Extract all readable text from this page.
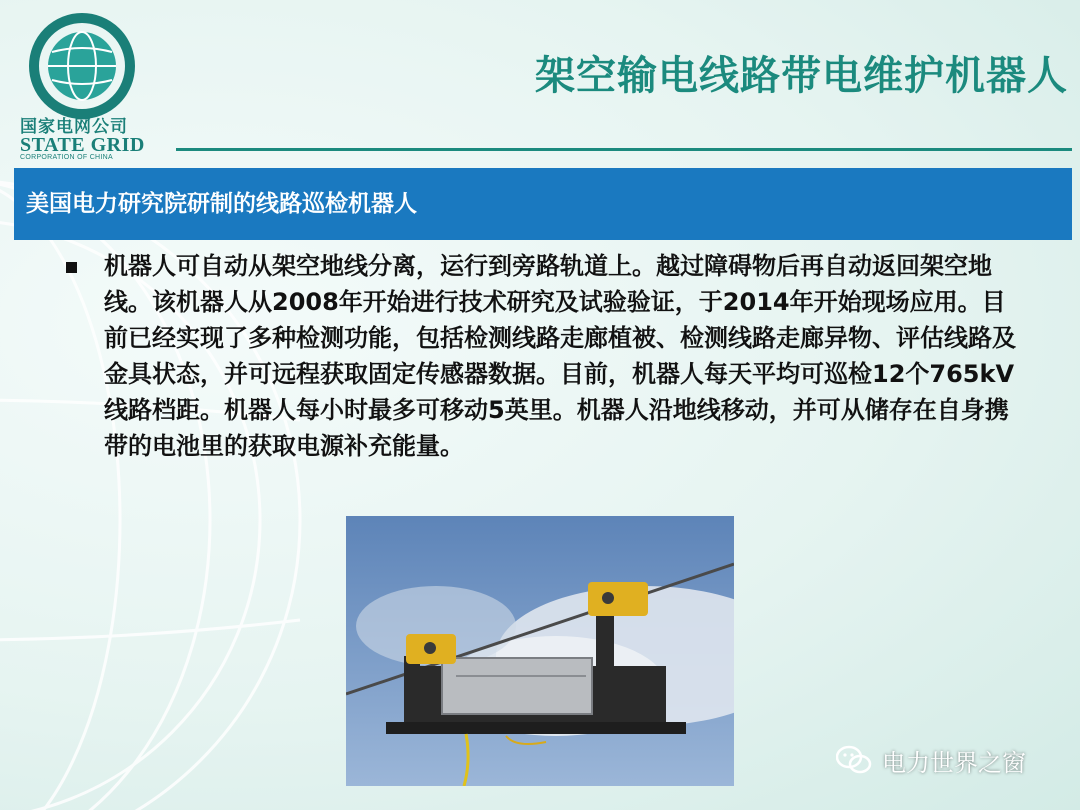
国家电网公司
STATE GRID
CORPORATION OF CHINA
架空输电线路带电维护机器人
美国电力研究院研制的线路巡检机器人
机器人可自动从架空地线分离，运行到旁路轨道上。越过障碍物后再自动返回架空地线。该机器人从2008年开始进行技术研究及试验验证，于2014年开始现场应用。目前已经实现了多种检测功能，包括检测线路走廊植被、检测线路走廊异物、评估线路及金具状态，并可远程获取固定传感器数据。目前，机器人每天平均可巡检12个765kV线路档距。机器人每小时最多可移动5英里。机器人沿地线移动，并可从储存在自身携带的电池里的获取电源补充能量。
电力世界之窗
